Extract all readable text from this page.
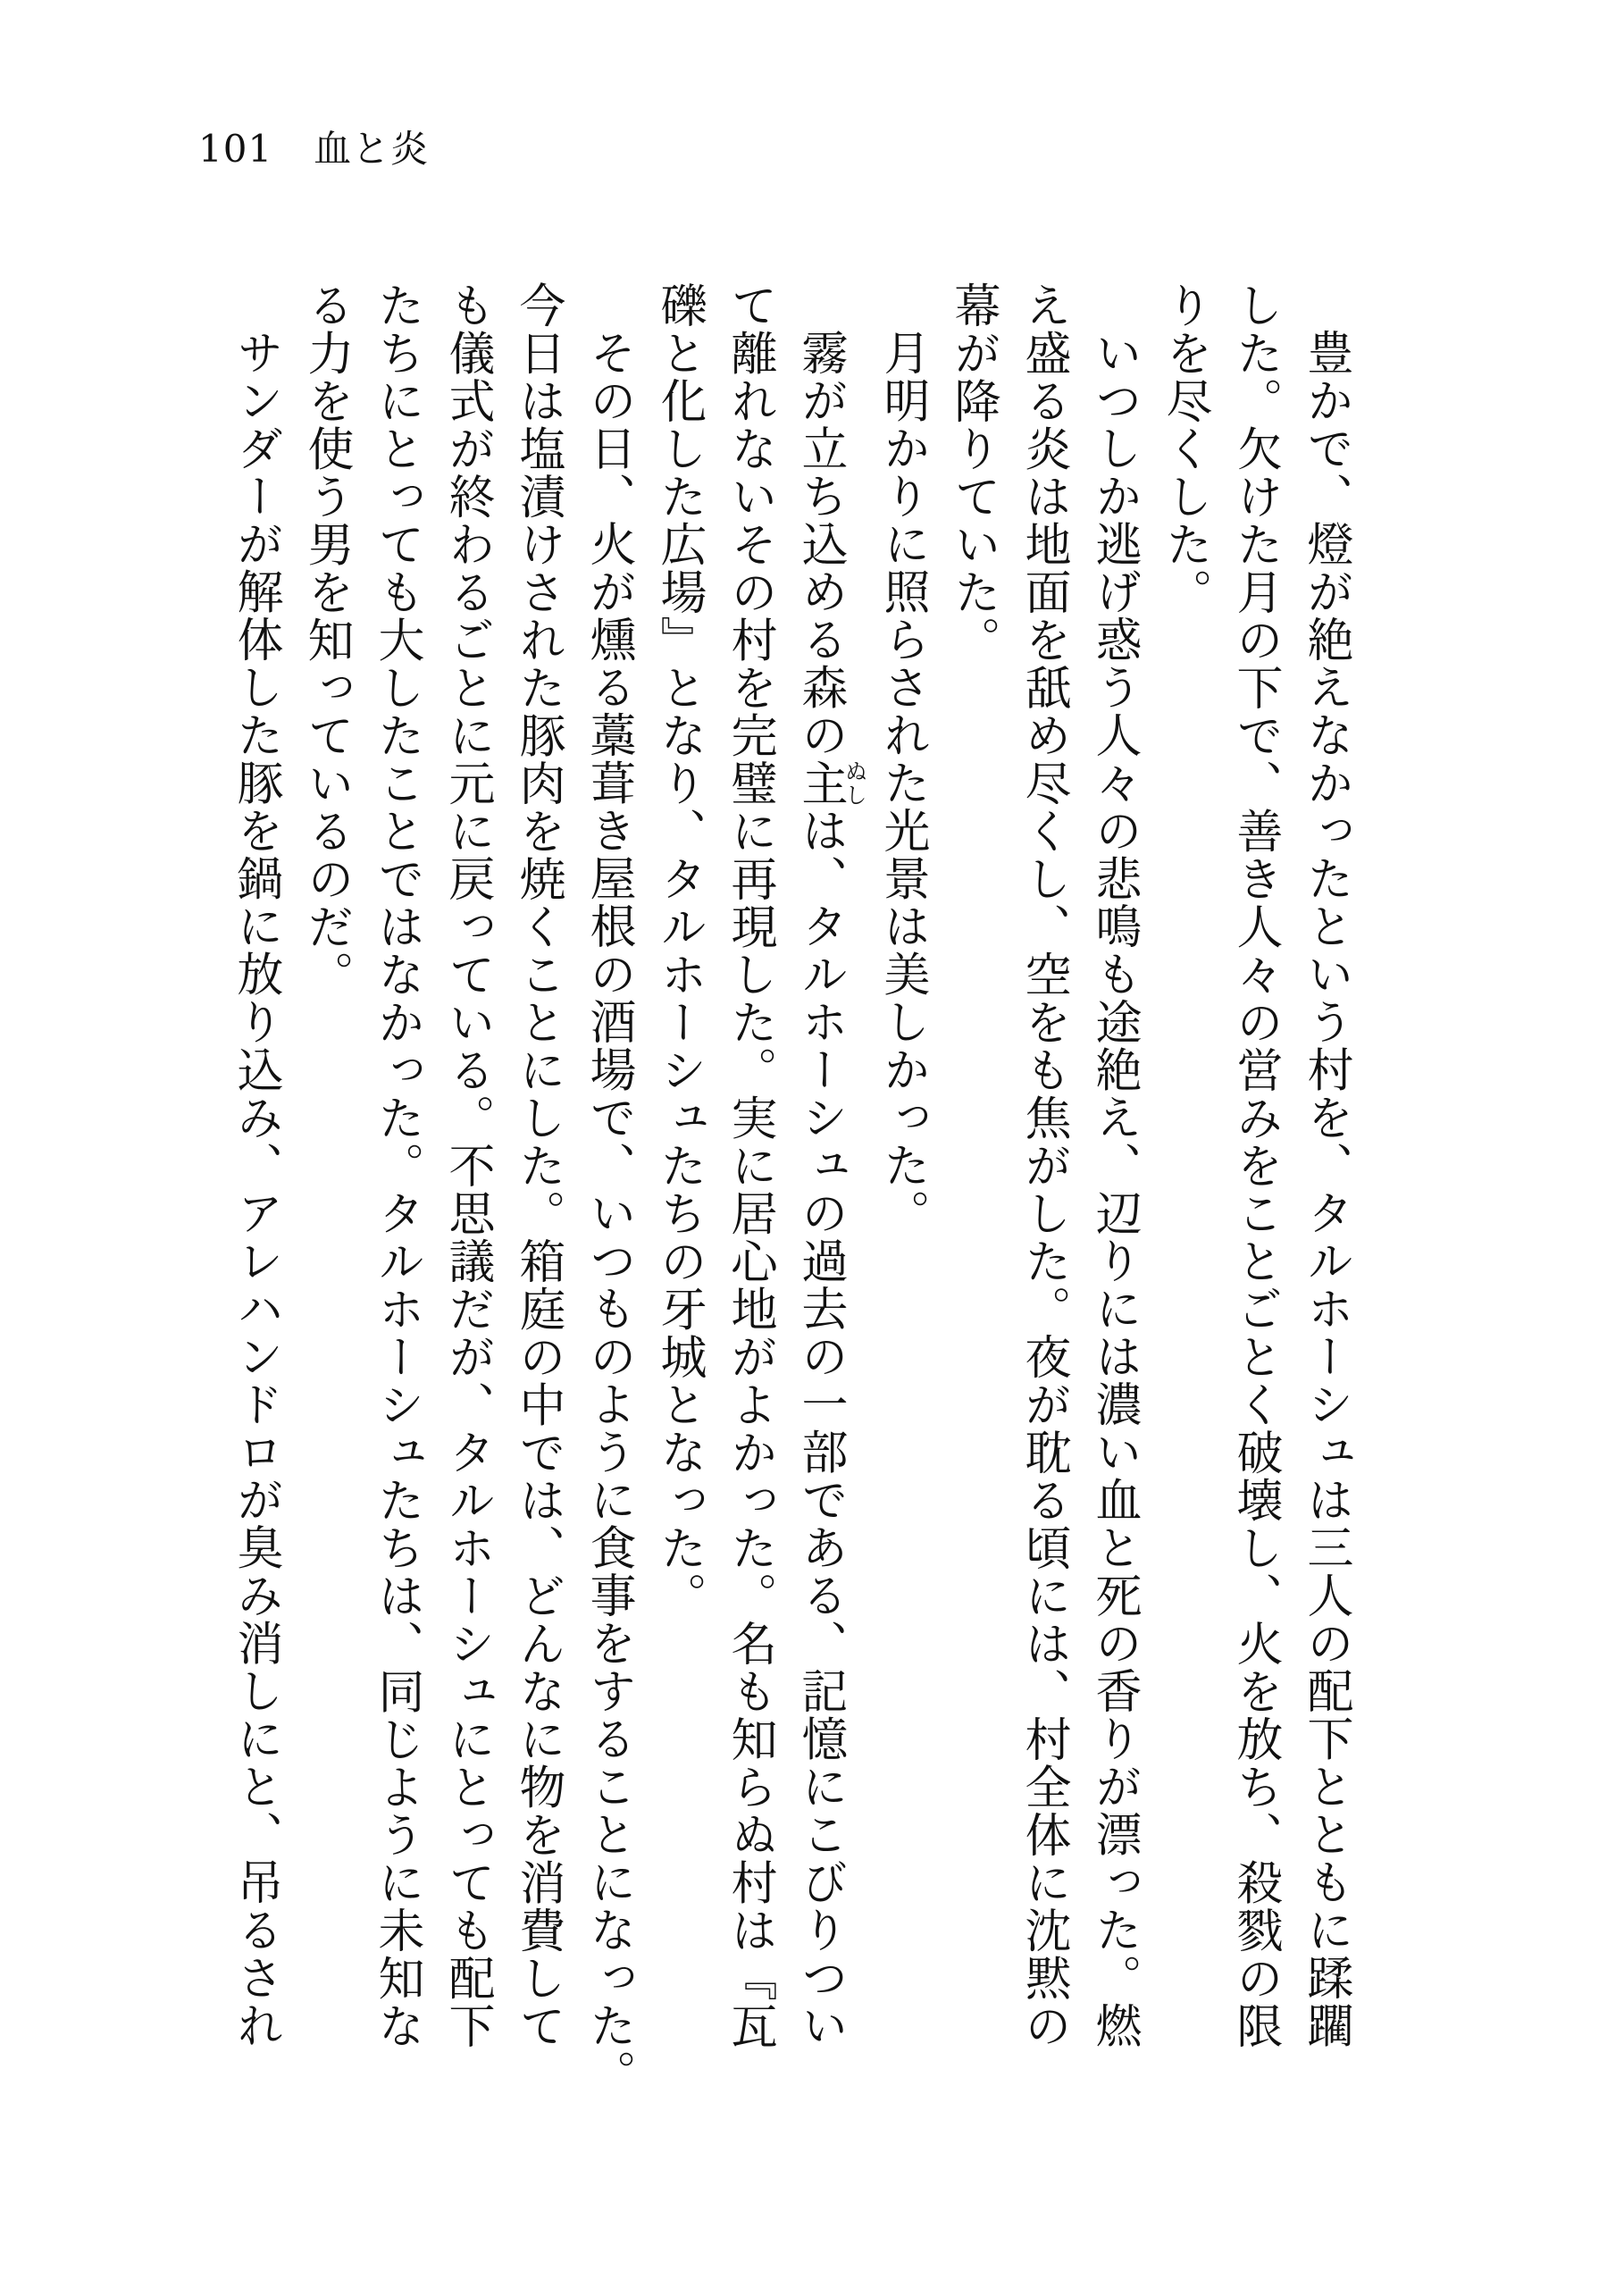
101 血と炎
豊かで、燈が絶えなかったという村を、タルホーシュは三人の配下とともに蹂躙
した。欠けた月の下で、善き人々の営みをことごとく破壊し、火を放ち、殺戮の限
りを尽くした。
いつしか逃げ惑う人々の悲鳴も途絶え、辺りには濃い血と死の香りが漂った。燃
え盛る炎は地面を舐め尽くし、空をも焦がした。夜が耽る頃には、村全体に沈黙の
幕が降りていた。
月明かりに照らされた光景は美しかった。
霧が立ち込める森の主ぬしは、タルホーシュの過去の一部である、記憶にこびりつい
て離れないその村を完璧に再現した。実に居心地がよかった。名も知らぬ村は『瓦
礫と化した広場』となり、タルホーシュたちの牙城となった。
その日、火が燻る藁葺き屋根の酒場で、いつものように食事をすることになった。
今日は塩漬けされた豚肉を焼くことにした。箱庭の中では、どんなに物を消費して
も儀式が終わるごとに元に戻っている。不思議だが、タルホーシュにとっても配下
たちにとっても大したことではなかった。タルホーシュたちは、同じように未知な
る力を使う男を知っているのだ。
サンダーが解体した豚を鍋に放り込み、アレハンドロが臭み消しにと、吊るされ
